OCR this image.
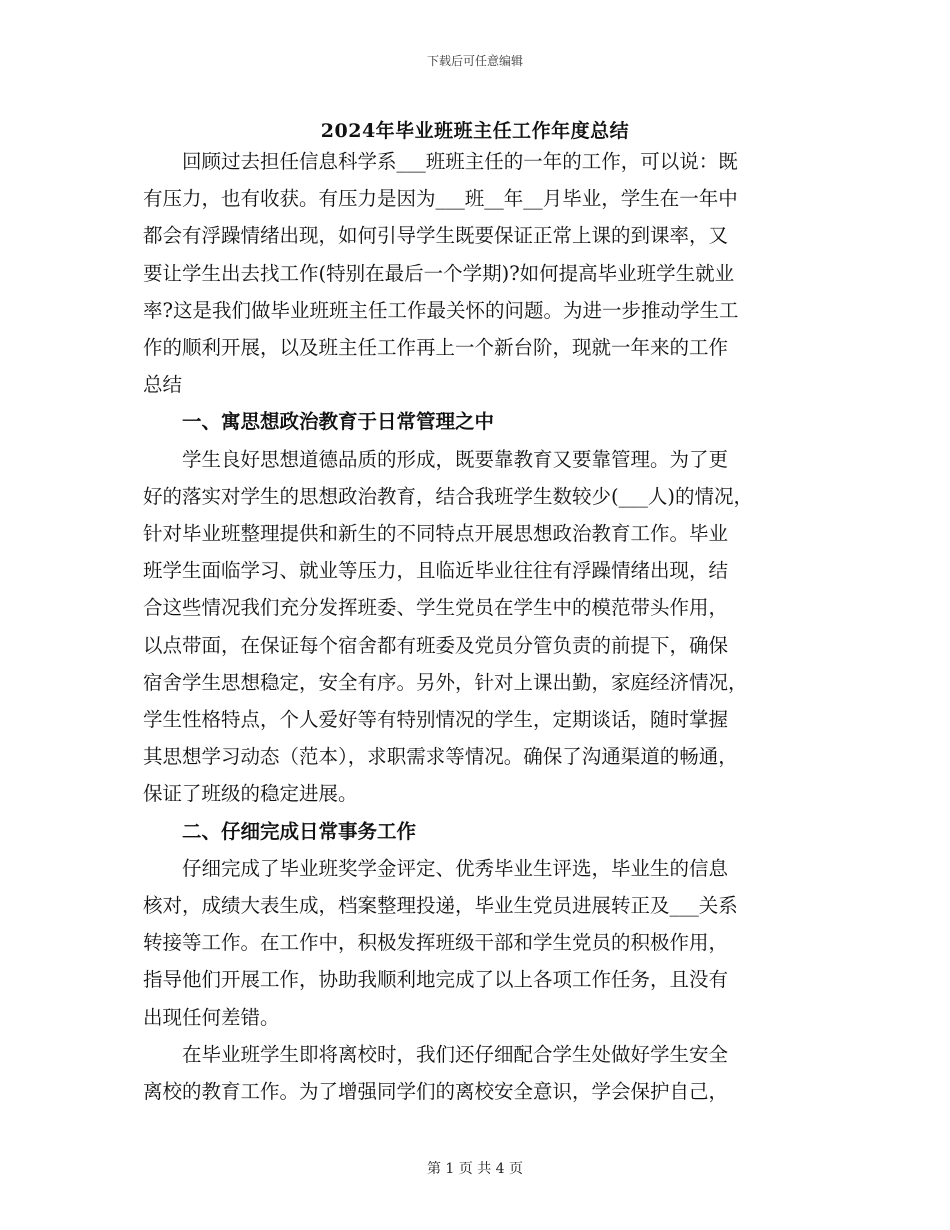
下载后可任意编辑
2024年毕业班班主任工作年度总结

回顾过去担任信息科学系___班班主任的一年的工作，可以说：既
有压力，也有收获。有压力是因为___班__年__月毕业，学生在一年中
都会有浮躁情绪出现，如何引导学生既要保证正常上课的到课率，又
要让学生出去找工作(特别在最后一个学期)?如何提高毕业班学生就业
率?这是我们做毕业班班主任工作最关怀的问题。为进一步推动学生工
作的顺利开展，以及班主任工作再上一个新台阶，现就一年来的工作
总结

一、寓思想政治教育于日常管理之中

学生良好思想道德品质的形成，既要靠教育又要靠管理。为了更
好的落实对学生的思想政治教育，结合我班学生数较少(___人)的情况，
针对毕业班整理提供和新生的不同特点开展思想政治教育工作。毕业
班学生面临学习、就业等压力，且临近毕业往往有浮躁情绪出现，结
合这些情况我们充分发挥班委、学生党员在学生中的模范带头作用，
以点带面，在保证每个宿舍都有班委及党员分管负责的前提下，确保
宿舍学生思想稳定，安全有序。另外，针对上课出勤，家庭经济情况，
学生性格特点，个人爱好等有特别情况的学生，定期谈话，随时掌握
其思想学习动态（范本），求职需求等情况。确保了沟通渠道的畅通，
保证了班级的稳定进展。

二、仔细完成日常事务工作

仔细完成了毕业班奖学金评定、优秀毕业生评选，毕业生的信息
核对，成绩大表生成，档案整理投递，毕业生党员进展转正及___关系
转接等工作。在工作中，积极发挥班级干部和学生党员的积极作用，
指导他们开展工作，协助我顺利地完成了以上各项工作任务，且没有
出现任何差错。

在毕业班学生即将离校时，我们还仔细配合学生处做好学生安全
离校的教育工作。为了增强同学们的离校安全意识，学会保护自己，

第 1 页 共 4 页
